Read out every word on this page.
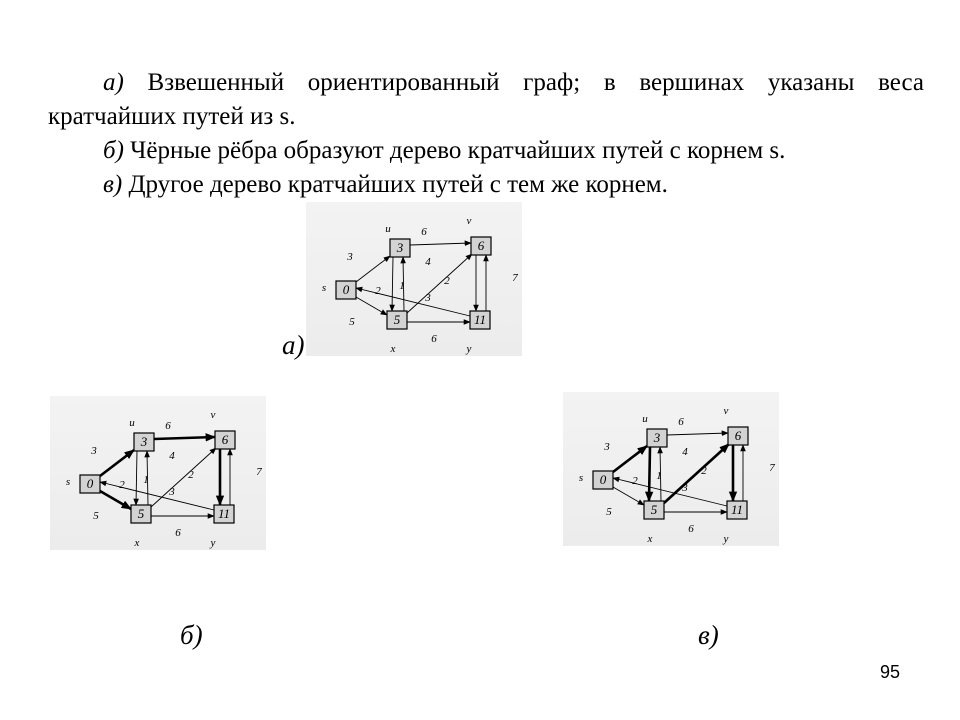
а) Взвешенный ориентированный граф; в вершинах указаны веса

кратчайших путей из s.

б) Чёрные рёбра образуют дерево кратчайших путей с корнем s.

в) Другое дерево кратчайших путей с тем же корнем.

3
5
2 1
6
4
2	7
6
3
0
s
3
u
6
v
5
x
11
y
3
5
2 1
6
4
2	7
6
3
0
s
3
u
6
v
5
x
11
y
3
5
2 1
6
4
2	7
6
3
0
s
3
u
6
v
5
x
11
y
а)
б)	в)
95
